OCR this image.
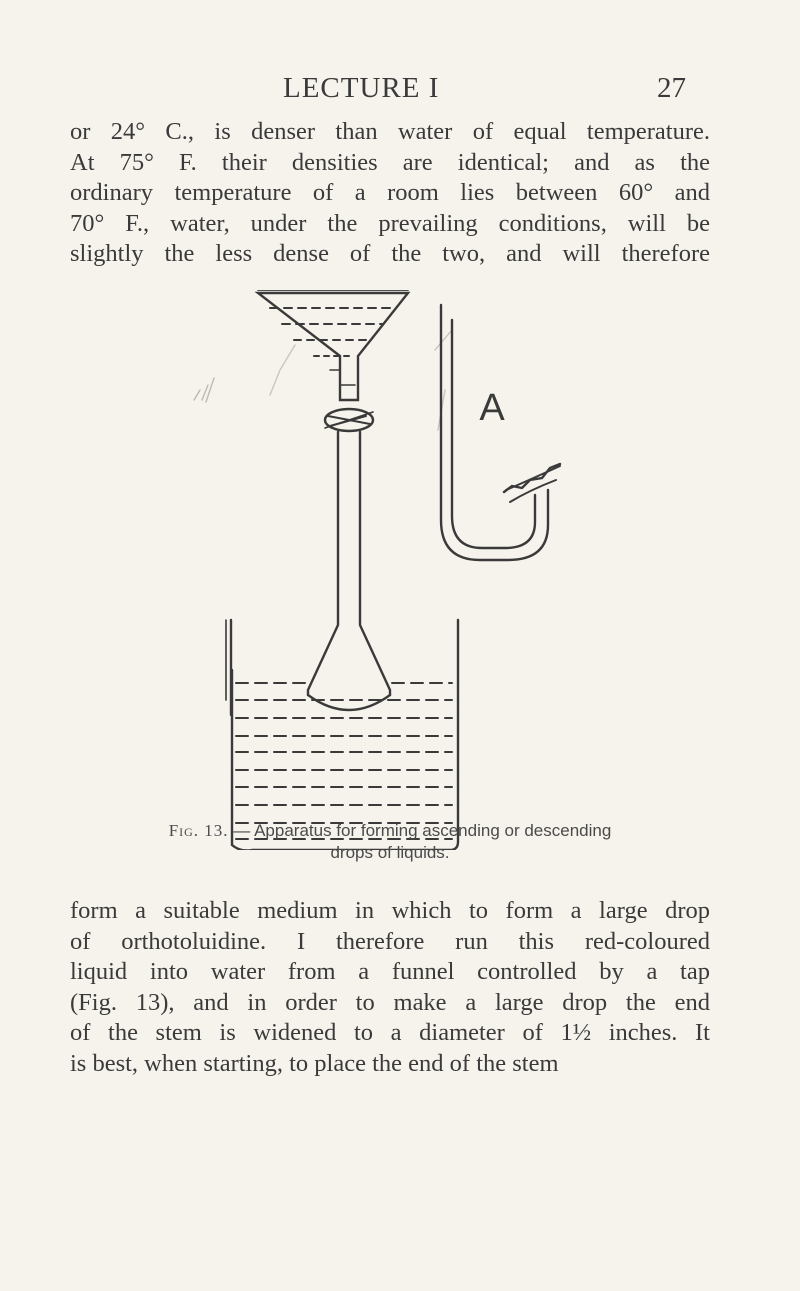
LECTURE I	27
or 24° C., is denser than water of equal temperature.
At 75° F. their densities are identical; and as the
ordinary temperature of a room lies between 60° and
70° F., water, under the prevailing conditions, will be
slightly the less dense of the two, and will therefore
A
Fig. 13. — Apparatus for forming ascending or descending
drops of liquids.
form a suitable medium in which to form a large drop
of orthotoluidine. I therefore run this red-coloured
liquid into water from a funnel controlled by a tap
(Fig. 13), and in order to make a large drop the end
of the stem is widened to a diameter of 1½ inches. It
is best, when starting, to place the end of the stem
